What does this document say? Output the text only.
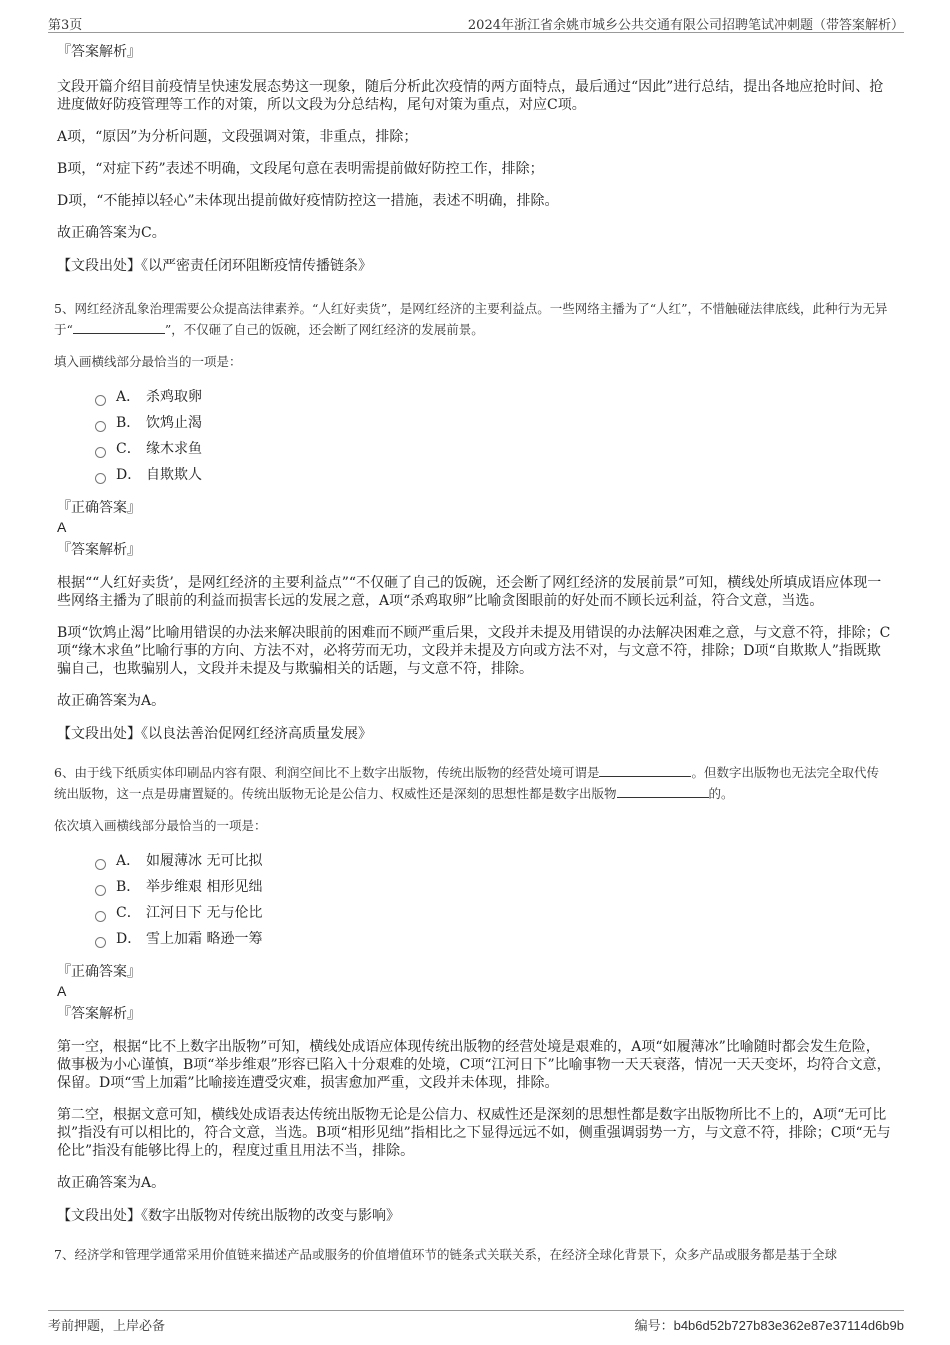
第3页	2024年浙江省余姚市城乡公共交通有限公司招聘笔试冲刺题（带答案解析）
『答案解析』

文段开篇介绍目前疫情呈快速发展态势这一现象，随后分析此次疫情的两方面特点，最后通过“因此”进行总结，提出各地应抢时间、抢进度做好防疫管理等工作的对策，所以文段为分总结构，尾句对策为重点，对应C项。

A项，“原因”为分析问题，文段强调对策，非重点，排除；

B项，“对症下药”表述不明确，文段尾句意在表明需提前做好防控工作，排除；

D项，“不能掉以轻心”未体现出提前做好疫情防控这一措施，表述不明确，排除。

故正确答案为C。

【文段出处】《以严密责任闭环阻断疫情传播链条》

5、网红经济乱象治理需要公众提高法律素养。“人红好卖货”，是网红经济的主要利益点。一些网络主播为了“人红”，不惜触碰法律底线，此种行为无异于“	”，不仅砸了自己的饭碗，还会断了网红经济的发展前景。

填入画横线部分最恰当的一项是：

A． 杀鸡取卵
B． 饮鸩止渴
C． 缘木求鱼
D． 自欺欺人
『正确答案』
A
『答案解析』

根据““人红好卖货’，是网红经济的主要利益点”“不仅砸了自己的饭碗，还会断了网红经济的发展前景”可知，横线处所填成语应体现一些网络主播为了眼前的利益而损害长远的发展之意，A项“杀鸡取卵”比喻贪图眼前的好处而不顾长远利益，符合文意，当选。

B项“饮鸩止渴”比喻用错误的办法来解决眼前的困难而不顾严重后果，文段并未提及用错误的办法解决困难之意，与文意不符，排除；C项“缘木求鱼”比喻行事的方向、方法不对，必将劳而无功，文段并未提及方向或方法不对，与文意不符，排除；D项“自欺欺人”指既欺骗自己，也欺骗别人，文段并未提及与欺骗相关的话题，与文意不符，排除。

故正确答案为A。

【文段出处】《以良法善治促网红经济高质量发展》

6、由于线下纸质实体印刷品内容有限、利润空间比不上数字出版物，传统出版物的经营处境可谓是	。但数字出版物也无法完全取代传统出版物，这一点是毋庸置疑的。传统出版物无论是公信力、权威性还是深刻的思想性都是数字出版物	的。

依次填入画横线部分最恰当的一项是：

A． 如履薄冰 无可比拟
B． 举步维艰 相形见绌
C． 江河日下 无与伦比
D． 雪上加霜 略逊一筹
『正确答案』
A
『答案解析』

第一空，根据“比不上数字出版物”可知，横线处成语应体现传统出版物的经营处境是艰难的，A项“如履薄冰”比喻随时都会发生危险，做事极为小心谨慎，B项“举步维艰”形容已陷入十分艰难的处境，C项“江河日下”比喻事物一天天衰落，情况一天天变坏，均符合文意，保留。D项“雪上加霜”比喻接连遭受灾难，损害愈加严重，文段并未体现，排除。

第二空，根据文意可知，横线处成语表达传统出版物无论是公信力、权威性还是深刻的思想性都是数字出版物所比不上的，A项“无可比拟”指没有可以相比的，符合文意，当选。B项“相形见绌”指相比之下显得远远不如，侧重强调弱势一方，与文意不符，排除；C项“无与伦比”指没有能够比得上的，程度过重且用法不当，排除。

故正确答案为A。

【文段出处】《数字出版物对传统出版物的改变与影响》

7、经济学和管理学通常采用价值链来描述产品或服务的价值增值环节的链条式关联关系，在经济全球化背景下，众多产品或服务都是基于全球

考前押题，上岸必备	编号：b4b6d52b727b83e362e87e37114d6b9b
